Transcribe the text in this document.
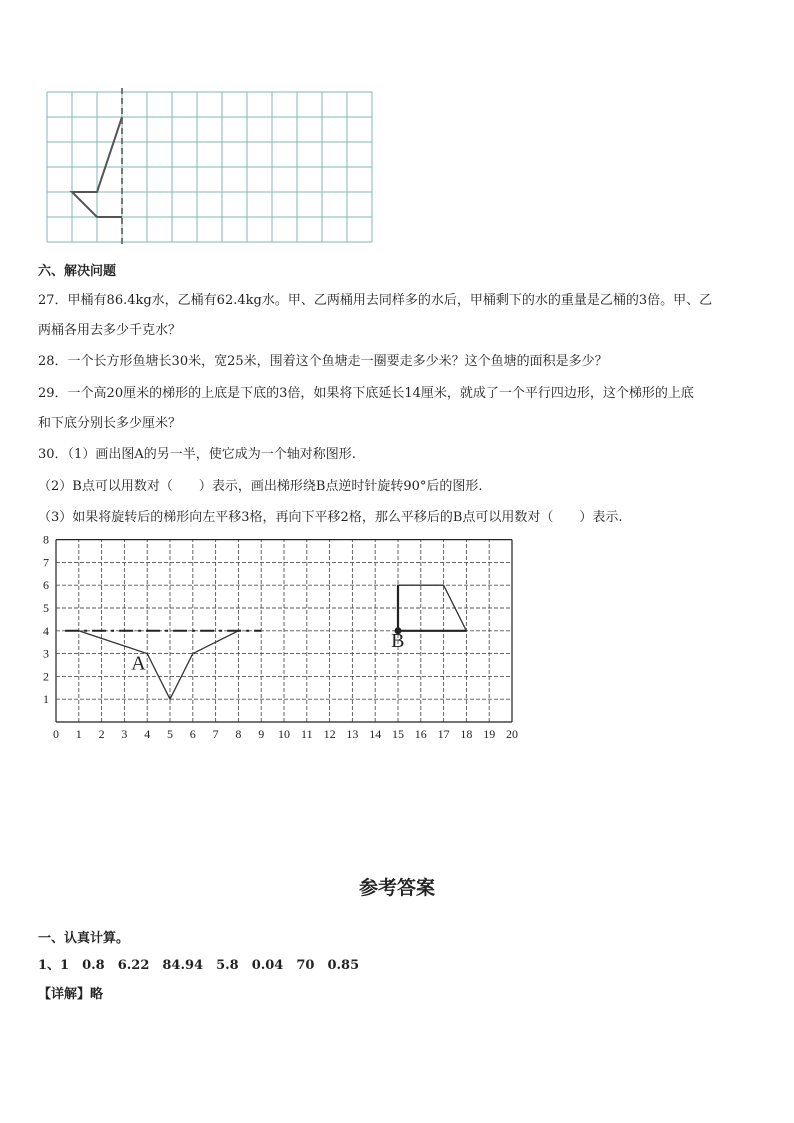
六、解决问题
27．甲桶有86.4kg水，乙桶有62.4kg水。甲、乙两桶用去同样多的水后，甲桶剩下的水的重量是乙桶的3倍。甲、乙
两桶各用去多少千克水？
28．一个长方形鱼塘长30米，宽25米，围着这个鱼塘走一圈要走多少米？这个鱼塘的面积是多少？
29．一个高20厘米的梯形的上底是下底的3倍，如果将下底延长14厘米，就成了一个平行四边形，这个梯形的上底
和下底分别长多少厘米？
30．（1）画出图A的另一半，使它成为一个轴对称图形.
（2）B点可以用数对（　　）表示，画出梯形绕B点逆时针旋转90°后的图形.
（3）如果将旋转后的梯形向左平移3格，再向下平移2格，那么平移后的B点可以用数对（　　）表示.
0 1 2 3 4 5 6 7 8 9 10 11 12 13 14 15 16 17 18 19 20
1
2
3
4
5
6
7
8
A
B
参考答案
一、认真计算。
1、1　0.8　6.22　84.94　5.8　0.04　70　0.85
【详解】略
